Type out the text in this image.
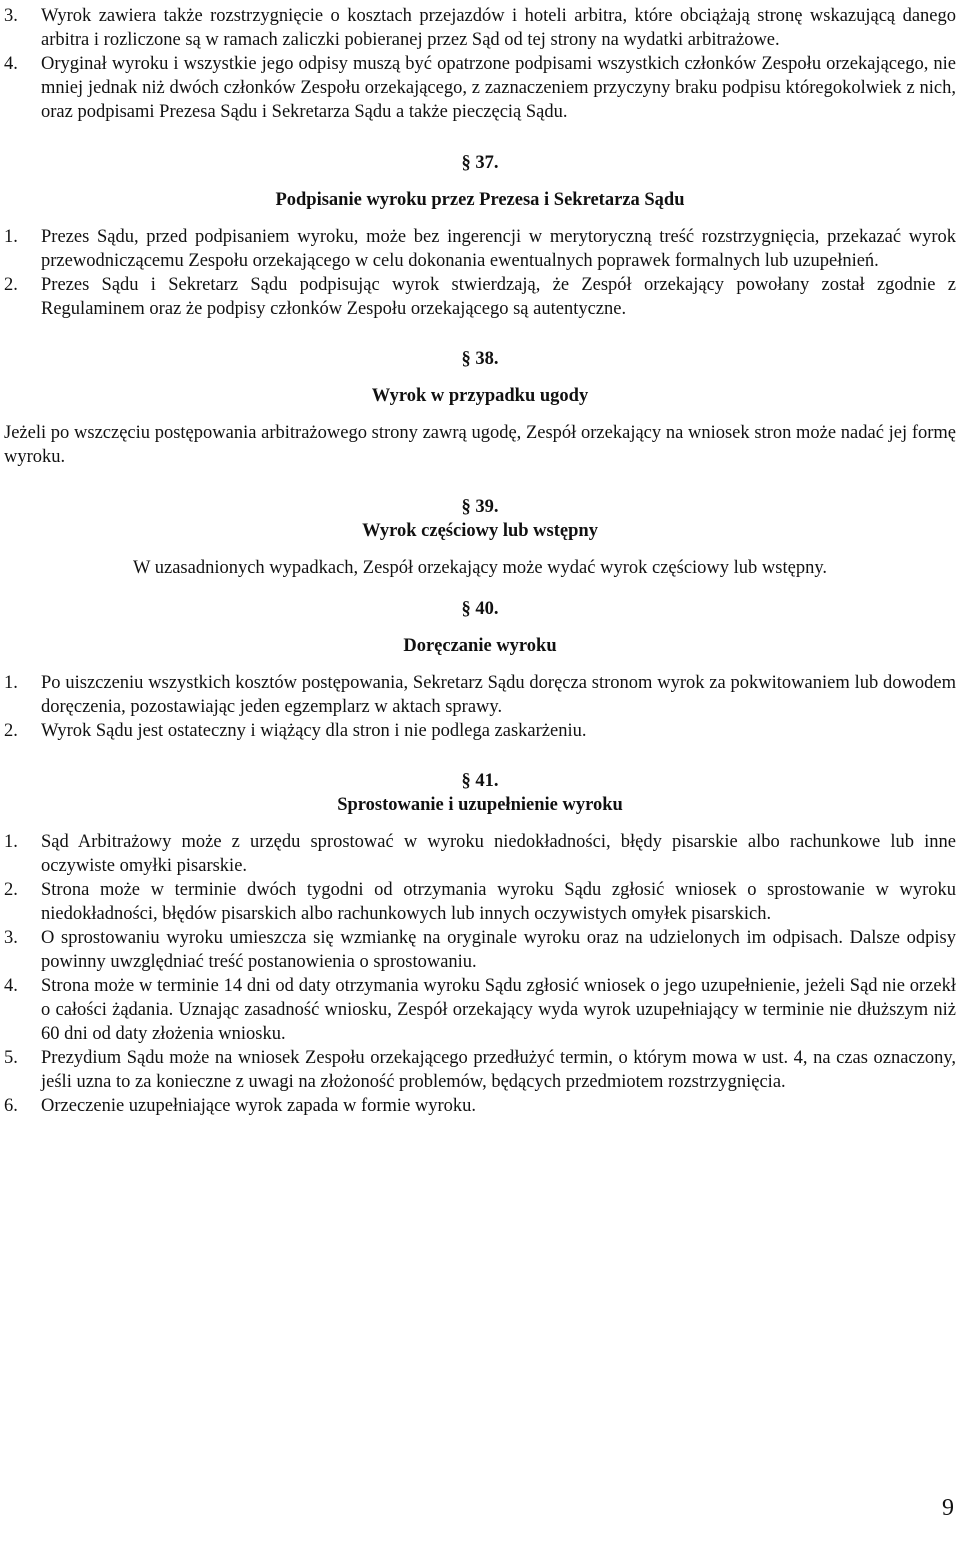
3.	Wyrok zawiera także rozstrzygnięcie o kosztach przejazdów i hoteli arbitra, które obciążają stronę wskazującą danego arbitra i rozliczone są w ramach zaliczki pobieranej przez Sąd od tej strony na wydatki arbitrażowe.
4.	Oryginał wyroku i wszystkie jego odpisy muszą być opatrzone podpisami wszystkich członków Zespołu orzekającego, nie mniej jednak niż dwóch członków Zespołu orzekającego, z zaznaczeniem przyczyny braku podpisu któregokolwiek z nich, oraz podpisami Prezesa Sądu i Sekretarza Sądu a także pieczęcią Sądu.

§ 37.

Podpisanie wyroku przez Prezesa i Sekretarza Sądu

1.	Prezes Sądu, przed podpisaniem wyroku, może bez ingerencji w merytoryczną treść rozstrzygnięcia, przekazać wyrok przewodniczącemu Zespołu orzekającego w celu dokonania ewentualnych poprawek formalnych lub uzupełnień.
2.	Prezes Sądu i Sekretarz Sądu podpisując wyrok stwierdzają, że Zespół orzekający powołany został zgodnie z Regulaminem oraz że podpisy członków Zespołu orzekającego są autentyczne.

§ 38.

Wyrok w przypadku ugody

Jeżeli po wszczęciu postępowania arbitrażowego strony zawrą ugodę, Zespół orzekający na wniosek stron może nadać jej formę wyroku.

§ 39.

Wyrok częściowy lub wstępny

W uzasadnionych wypadkach, Zespół orzekający może wydać wyrok częściowy lub wstępny.

§ 40.

Doręczanie wyroku

1.	Po uiszczeniu wszystkich kosztów postępowania, Sekretarz Sądu doręcza stronom wyrok za pokwitowaniem lub dowodem doręczenia, pozostawiając jeden egzemplarz w aktach sprawy.
2.	Wyrok Sądu jest ostateczny i wiążący dla stron i nie podlega zaskarżeniu.

§ 41.

Sprostowanie i uzupełnienie wyroku

1.	Sąd Arbitrażowy może z urzędu sprostować w wyroku niedokładności, błędy pisarskie albo rachunkowe lub inne oczywiste omyłki pisarskie.
2.	Strona może w terminie dwóch tygodni od otrzymania wyroku Sądu zgłosić wniosek o sprostowanie w wyroku niedokładności, błędów pisarskich albo rachunkowych lub innych oczywistych omyłek pisarskich.
3.	O sprostowaniu wyroku umieszcza się wzmiankę na oryginale wyroku oraz na udzielonych im odpisach. Dalsze odpisy powinny uwzględniać treść postanowienia o sprostowaniu.
4.	Strona może w terminie 14 dni od daty otrzymania wyroku Sądu zgłosić wniosek o jego uzupełnienie, jeżeli Sąd nie orzekł o całości żądania. Uznając zasadność wniosku, Zespół orzekający wyda wyrok uzupełniający w terminie nie dłuższym niż 60 dni od daty złożenia wniosku.
5.	Prezydium Sądu może na wniosek Zespołu orzekającego przedłużyć termin, o którym mowa w ust. 4, na czas oznaczony, jeśli uzna to za konieczne z uwagi na złożoność problemów, będących przedmiotem rozstrzygnięcia.
6.	Orzeczenie uzupełniające wyrok zapada w formie wyroku.
9
